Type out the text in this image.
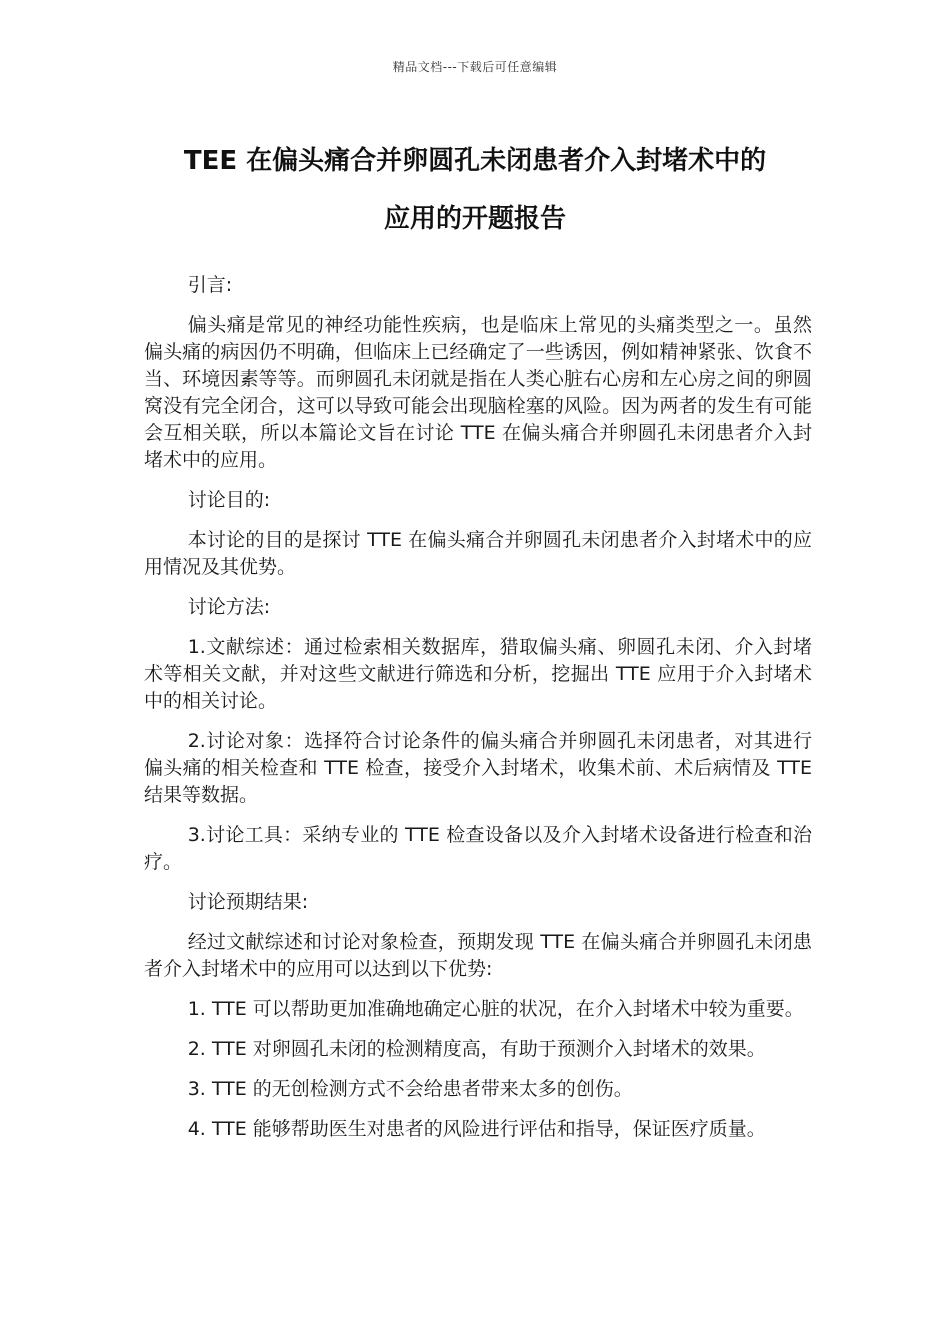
精品文档---下载后可任意编辑
TEE 在偏头痛合并卵圆孔未闭患者介入封堵术中的
应用的开题报告

引言:

偏头痛是常见的神经功能性疾病，也是临床上常见的头痛类型之一。虽然偏头痛的病因仍不明确，但临床上已经确定了一些诱因，例如精神紧张、饮食不当、环境因素等等。而卵圆孔未闭就是指在人类心脏右心房和左心房之间的卵圆窝没有完全闭合，这可以导致可能会出现脑栓塞的风险。因为两者的发生有可能会互相关联，所以本篇论文旨在讨论 TTE 在偏头痛合并卵圆孔未闭患者介入封堵术中的应用。

讨论目的:

本讨论的目的是探讨 TTE 在偏头痛合并卵圆孔未闭患者介入封堵术中的应用情况及其优势。

讨论方法:

1.文献综述：通过检索相关数据库，猎取偏头痛、卵圆孔未闭、介入封堵术等相关文献，并对这些文献进行筛选和分析，挖掘出 TTE 应用于介入封堵术中的相关讨论。

2.讨论对象：选择符合讨论条件的偏头痛合并卵圆孔未闭患者，对其进行偏头痛的相关检查和 TTE 检查，接受介入封堵术，收集术前、术后病情及 TTE 结果等数据。

3.讨论工具：采纳专业的 TTE 检查设备以及介入封堵术设备进行检查和治疗。

讨论预期结果:

经过文献综述和讨论对象检查，预期发现 TTE 在偏头痛合并卵圆孔未闭患者介入封堵术中的应用可以达到以下优势:

1. TTE 可以帮助更加准确地确定心脏的状况，在介入封堵术中较为重要。

2. TTE 对卵圆孔未闭的检测精度高，有助于预测介入封堵术的效果。

3. TTE 的无创检测方式不会给患者带来太多的创伤。

4. TTE 能够帮助医生对患者的风险进行评估和指导，保证医疗质量。
